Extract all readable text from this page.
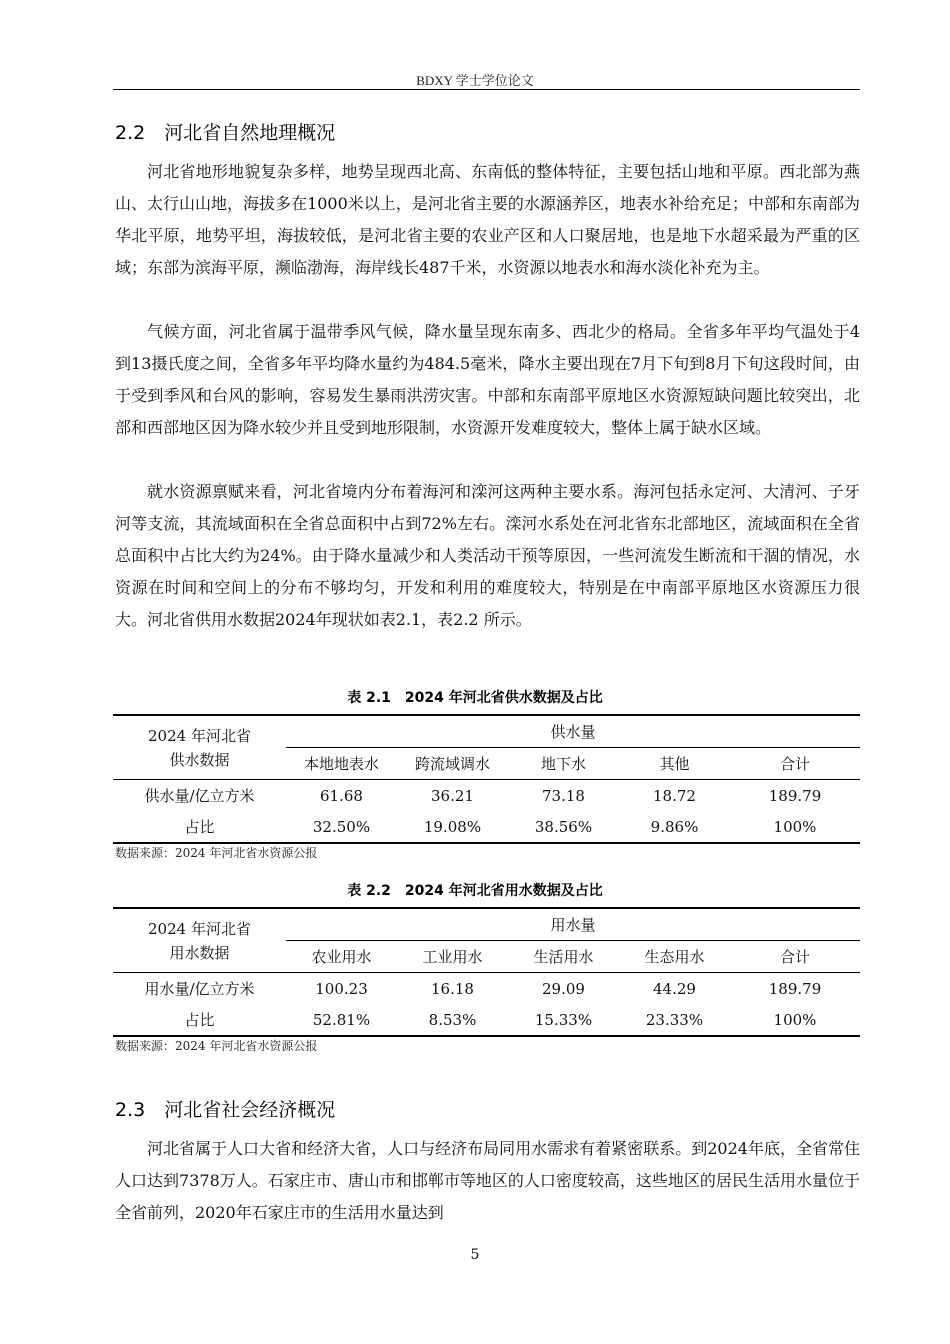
BDXY 学士学位论文
2.2　河北省自然地理概况

河北省地形地貌复杂多样，地势呈现西北高、东南低的整体特征，主要包括山地和平原。西北部为燕山、太行山山地，海拔多在1000米以上，是河北省主要的水源涵养区，地表水补给充足；中部和东南部为华北平原，地势平坦，海拔较低，是河北省主要的农业产区和人口聚居地，也是地下水超采最为严重的区域；东部为滨海平原，濒临渤海，海岸线长487千米，水资源以地表水和海水淡化补充为主。

气候方面，河北省属于温带季风气候，降水量呈现东南多、西北少的格局。全省多年平均气温处于4到13摄氏度之间，全省多年平均降水量约为484.5毫米，降水主要出现在7月下旬到8月下旬这段时间，由于受到季风和台风的影响，容易发生暴雨洪涝灾害。中部和东南部平原地区水资源短缺问题比较突出，北部和西部地区因为降水较少并且受到地形限制，水资源开发难度较大，整体上属于缺水区域。

就水资源禀赋来看，河北省境内分布着海河和滦河这两种主要水系。海河包括永定河、大清河、子牙河等支流，其流域面积在全省总面积中占到72%左右。滦河水系处在河北省东北部地区，流域面积在全省总面积中占比大约为24%。由于降水量减少和人类活动干预等原因，一些河流发生断流和干涸的情况，水资源在时间和空间上的分布不够均匀，开发和利用的难度较大，特别是在中南部平原地区水资源压力很大。河北省供用水数据2024年现状如表2.1，表2.2 所示。

表 2.1　2024 年河北省供水数据及占比
2024 年河北省
供水数据	供水量				
	本地地表水	跨流域调水	地下水	其他	合计
供水量/亿立方米	61.68	36.21	73.18	18.72	189.79
占比	32.50%	19.08%	38.56%	9.86%	100%
数据来源：2024 年河北省水资源公报
表 2.2　2024 年河北省用水数据及占比
2024 年河北省
用水数据	用水量				
	农业用水	工业用水	生活用水	生态用水	合计
用水量/亿立方米	100.23	16.18	29.09	44.29	189.79
占比	52.81%	8.53%	15.33%	23.33%	100%
数据来源：2024 年河北省水资源公报
2.3　河北省社会经济概况

河北省属于人口大省和经济大省，人口与经济布局同用水需求有着紧密联系。到2024年底，全省常住人口达到7378万人。石家庄市、唐山市和邯郸市等地区的人口密度较高，这些地区的居民生活用水量位于全省前列，2020年石家庄市的生活用水量达到

5
